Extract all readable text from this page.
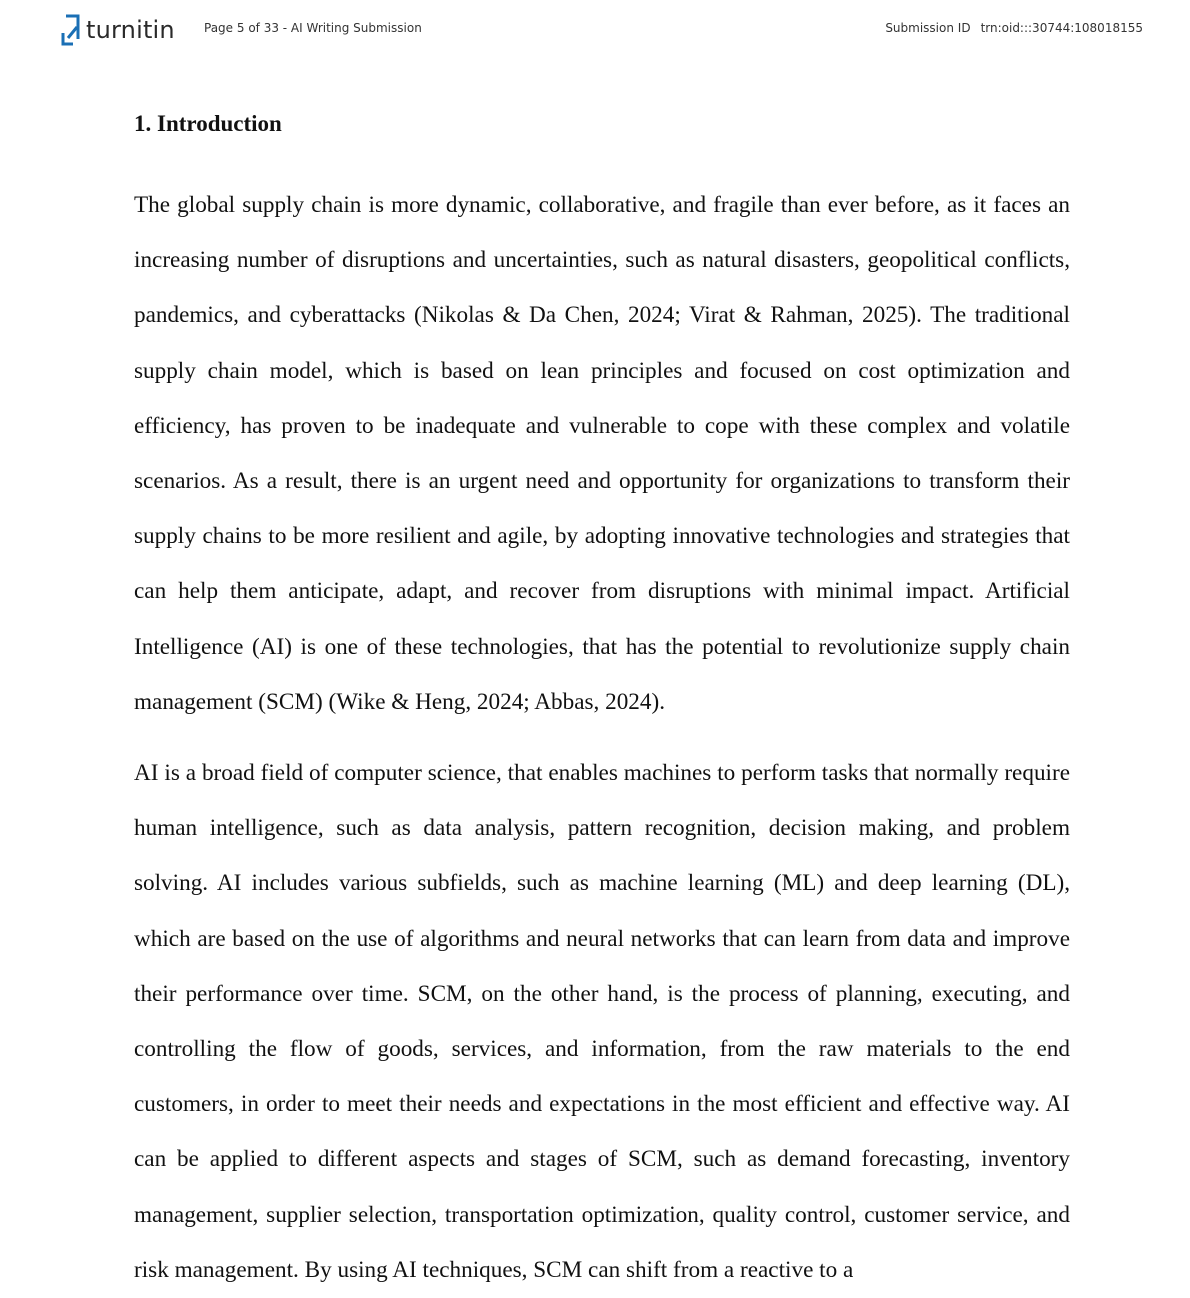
turnitin Page 5 of 33 - AI Writing Submission	Submission ID trn:oid:::30744:108018155
1. Introduction

The global supply chain is more dynamic, collaborative, and fragile than ever before, as it faces an increasing number of disruptions and uncertainties, such as natural disasters, geopolitical conflicts, pandemics, and cyberattacks (Nikolas & Da Chen, 2024; Virat & Rahman, 2025). The traditional supply chain model, which is based on lean principles and focused on cost optimization and efficiency, has proven to be inadequate and vulnerable to cope with these complex and volatile scenarios. As a result, there is an urgent need and opportunity for organizations to transform their supply chains to be more resilient and agile, by adopting innovative technologies and strategies that can help them anticipate, adapt, and recover from disruptions with minimal impact. Artificial Intelligence (AI) is one of these technologies, that has the potential to revolutionize supply chain management (SCM) (Wike & Heng, 2024; Abbas, 2024).

AI is a broad field of computer science, that enables machines to perform tasks that normally require human intelligence, such as data analysis, pattern recognition, decision making, and problem solving. AI includes various subfields, such as machine learning (ML) and deep learning (DL), which are based on the use of algorithms and neural networks that can learn from data and improve their performance over time. SCM, on the other hand, is the process of planning, executing, and controlling the flow of goods, services, and information, from the raw materials to the end customers, in order to meet their needs and expectations in the most efficient and effective way. AI can be applied to different aspects and stages of SCM, such as demand forecasting, inventory management, supplier selection, transportation optimization, quality control, customer service, and risk management. By using AI techniques, SCM can shift from a reactive to a
